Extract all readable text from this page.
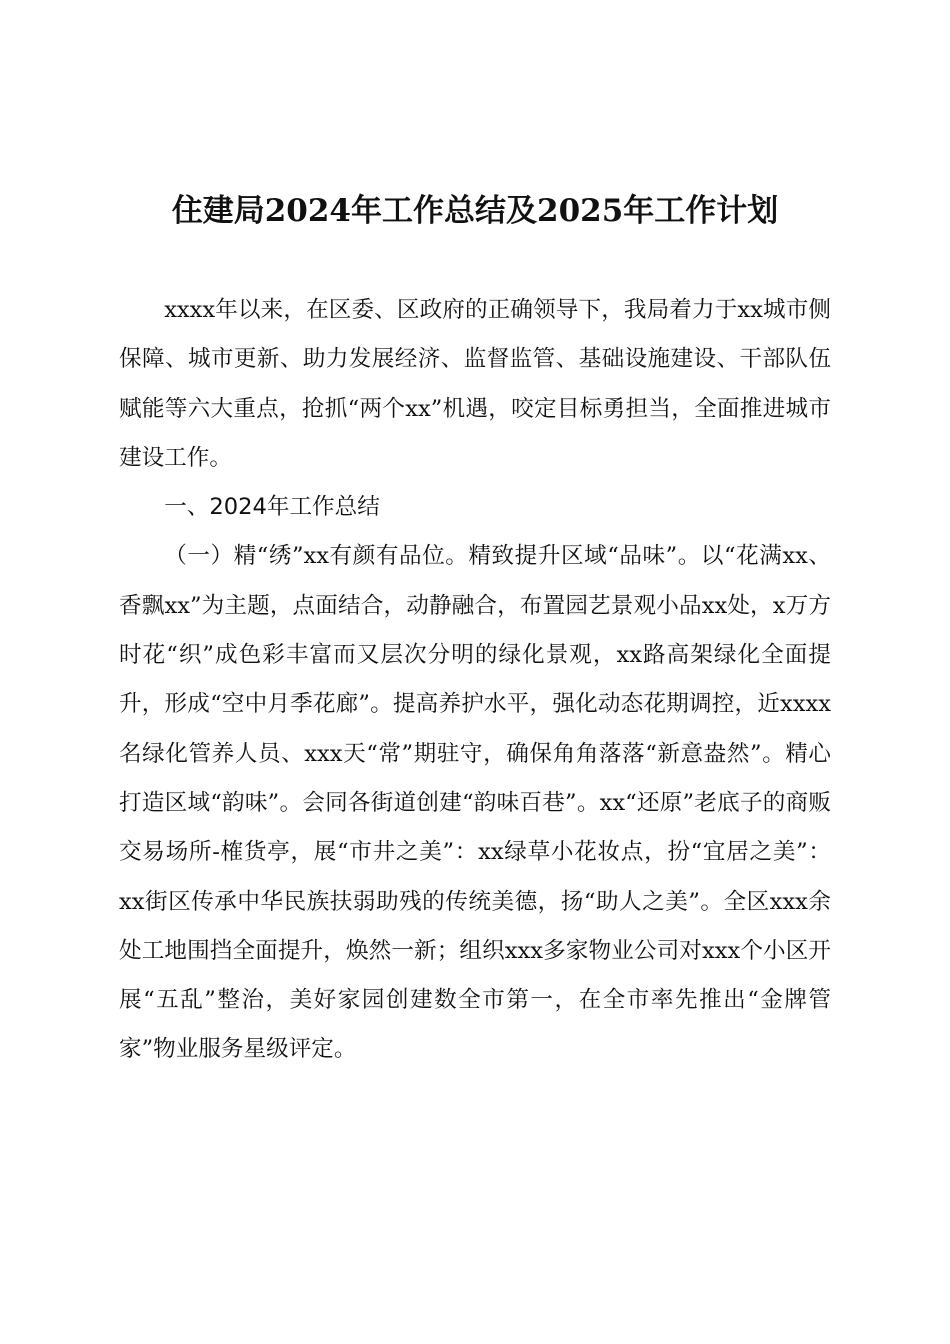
住建局2024年工作总结及2025年工作计划

xxxx年以来，在区委、区政府的正确领导下，我局着力于xx城市侧保障、城市更新、助力发展经济、监督监管、基础设施建设、干部队伍赋能等六大重点，抢抓“两个xx”机遇，咬定目标勇担当，全面推进城市建设工作。

一、2024年工作总结

（一）精“绣”xx有颜有品位。精致提升区域“品味”。以“花满xx、香飘xx”为主题，点面结合，动静融合，布置园艺景观小品xx处，x万方时花“织”成色彩丰富而又层次分明的绿化景观，xx路高架绿化全面提升，形成“空中月季花廊”。提高养护水平，强化动态花期调控，近xxxx名绿化管养人员、xxx天“常”期驻守，确保角角落落“新意盎然”。精心打造区域“韵味”。会同各街道创建“韵味百巷”。xx“还原”老底子的商贩交易场所-榷货亭，展“市井之美”：xx绿草小花妆点，扮“宜居之美”：xx街区传承中华民族扶弱助残的传统美德，扬“助人之美”。全区xxx余处工地围挡全面提升，焕然一新；组织xxx多家物业公司对xxx个小区开展“五乱”整治，美好家园创建数全市第一，在全市率先推出“金牌管家”物业服务星级评定。
